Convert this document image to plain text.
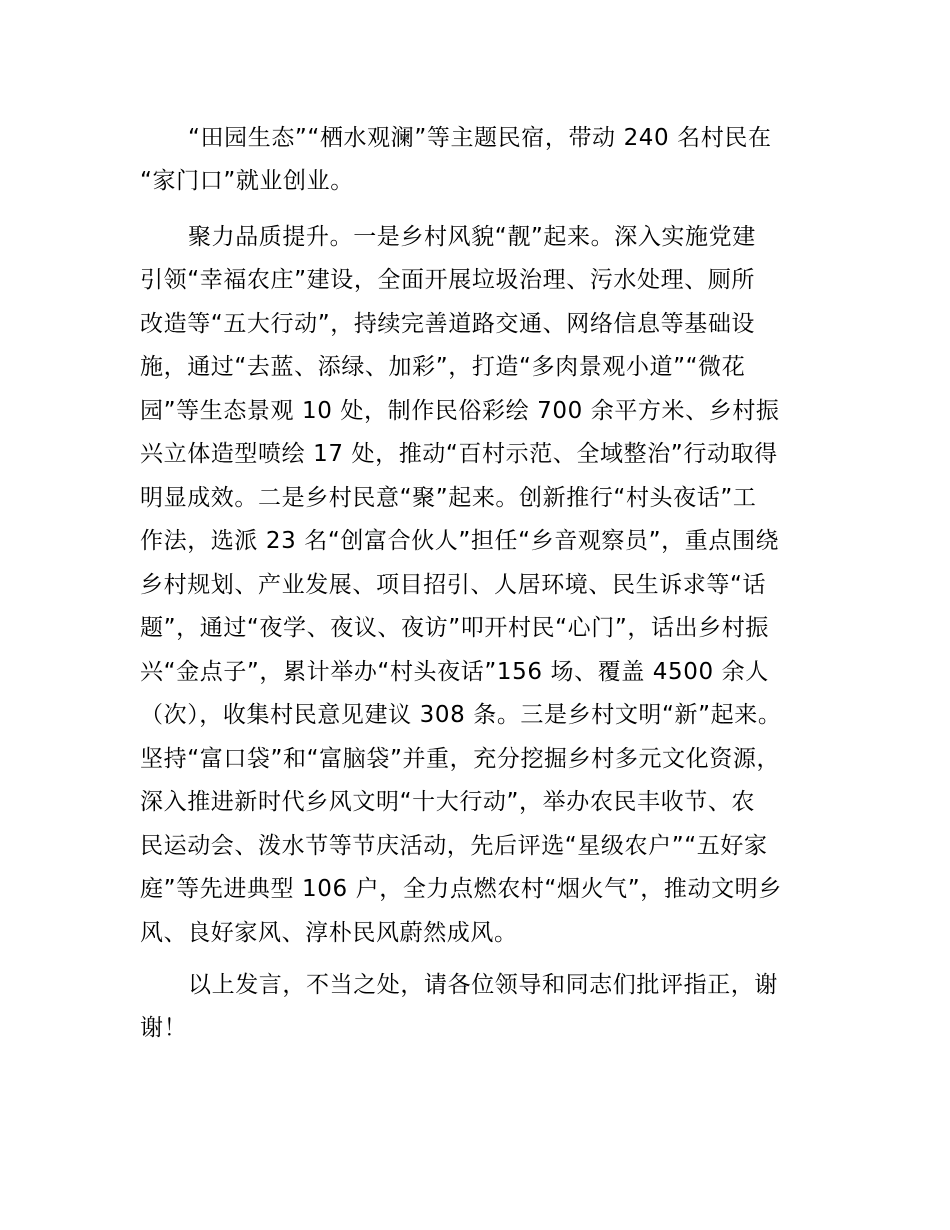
“田园生态”“栖水观澜”等主题民宿，带动 240 名村民在
“家门口”就业创业。
聚力品质提升。一是乡村风貌“靓”起来。深入实施党建
引领“幸福农庄”建设，全面开展垃圾治理、污水处理、厕所
改造等“五大行动”，持续完善道路交通、网络信息等基础设
施，通过“去蓝、添绿、加彩”，打造“多肉景观小道”“微花
园”等生态景观 10 处，制作民俗彩绘 700 余平方米、乡村振
兴立体造型喷绘 17 处，推动“百村示范、全域整治”行动取得
明显成效。二是乡村民意“聚”起来。创新推行“村头夜话”工
作法，选派 23 名“创富合伙人”担任“乡音观察员”，重点围绕
乡村规划、产业发展、项目招引、人居环境、民生诉求等“话
题”，通过“夜学、夜议、夜访”叩开村民“心门”，话出乡村振
兴“金点子”，累计举办“村头夜话”156 场、覆盖 4500 余人
（次），收集村民意见建议 308 条。三是乡村文明“新”起来。
坚持“富口袋”和“富脑袋”并重，充分挖掘乡村多元文化资源，
深入推进新时代乡风文明“十大行动”，举办农民丰收节、农
民运动会、泼水节等节庆活动，先后评选“星级农户”“五好家
庭”等先进典型 106 户，全力点燃农村“烟火气”，推动文明乡
风、良好家风、淳朴民风蔚然成风。
以上发言，不当之处，请各位领导和同志们批评指正，谢
谢！
